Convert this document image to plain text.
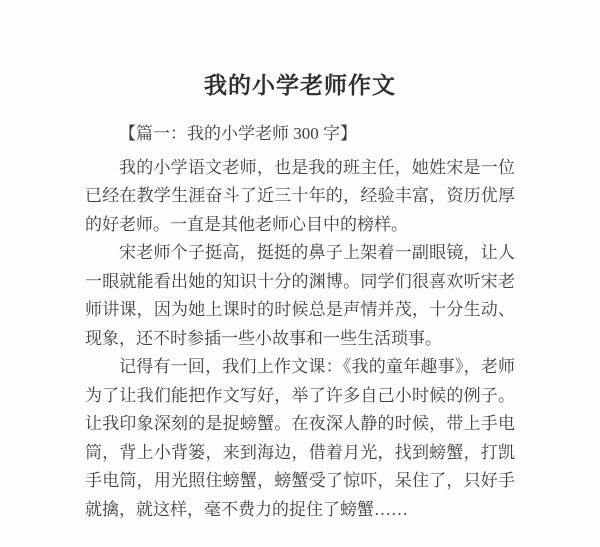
我的小学老师作文

【篇一：我的小学老师 300 字】

我的小学语文老师，也是我的班主任，她姓宋是一位已经在教学生涯奋斗了近三十年的，经验丰富，资历优厚的好老师。一直是其他老师心目中的榜样。

宋老师个子挺高，挺挺的鼻子上架着一副眼镜，让人一眼就能看出她的知识十分的渊博。同学们很喜欢听宋老师讲课，因为她上课时的时候总是声情并茂，十分生动、现象，还不时参插一些小故事和一些生活琐事。

记得有一回，我们上作文课：《我的童年趣事》，老师为了让我们能把作文写好，举了许多自己小时候的例子。让我印象深刻的是捉螃蟹。在夜深人静的时候，带上手电筒，背上小背篓，来到海边，借着月光，找到螃蟹，打凯手电筒，用光照住螃蟹，螃蟹受了惊吓，呆住了，只好手就擒，就这样，毫不费力的捉住了螃蟹……
